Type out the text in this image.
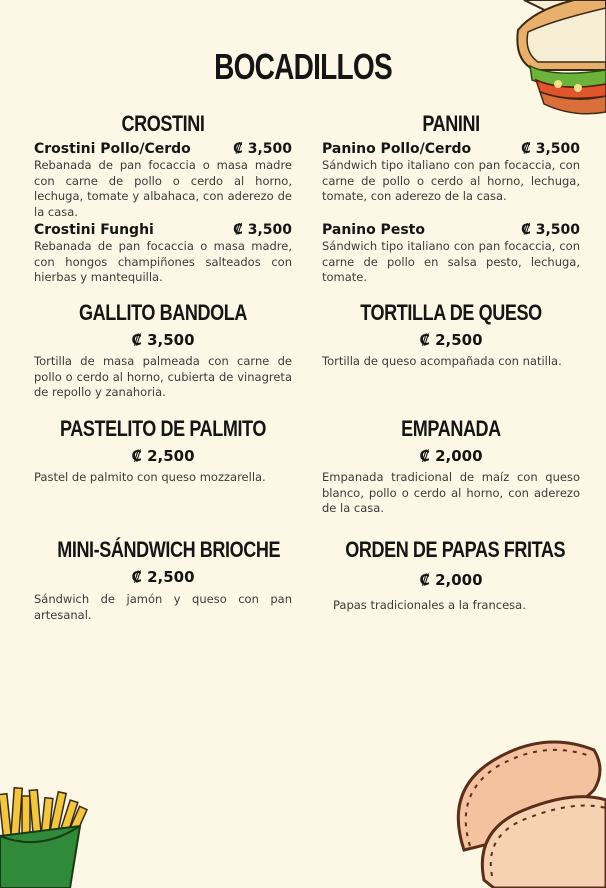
BOCADILLOS
CROSTINI
Crostini Pollo/Cerdo	₡ 3,500
Rebanada de pan focaccia o masa madre con carne de pollo o cerdo al horno, lechuga, tomate y albahaca, con aderezo de la casa.
Crostini Funghi	₡ 3,500
Rebanada de pan focaccia o masa madre, con hongos champiñones salteados con hierbas y mantequilla.
PANINI
Panino Pollo/Cerdo	₡ 3,500
Sándwich tipo italiano con pan focaccia, con carne de pollo o cerdo al horno, lechuga, tomate, con aderezo de la casa.
Panino Pesto	₡ 3,500
Sándwich tipo italiano con pan focaccia, con carne de pollo en salsa pesto, lechuga, tomate.
GALLITO BANDOLA
₡ 3,500
Tortilla de masa palmeada con carne de pollo o cerdo al horno, cubierta de vinagreta de repollo y zanahoria.
TORTILLA DE QUESO
₡ 2,500
Tortilla de queso acompañada con natilla.
PASTELITO DE PALMITO
₡ 2,500
Pastel de palmito con queso mozzarella.
EMPANADA
₡ 2,000
Empanada tradicional de maíz con queso blanco, pollo o cerdo al horno, con aderezo de la casa.
MINI-SÁNDWICH BRIOCHE
₡ 2,500
Sándwich de jamón y queso con pan artesanal.
ORDEN DE PAPAS FRITAS
₡ 2,000
Papas tradicionales a la francesa.
